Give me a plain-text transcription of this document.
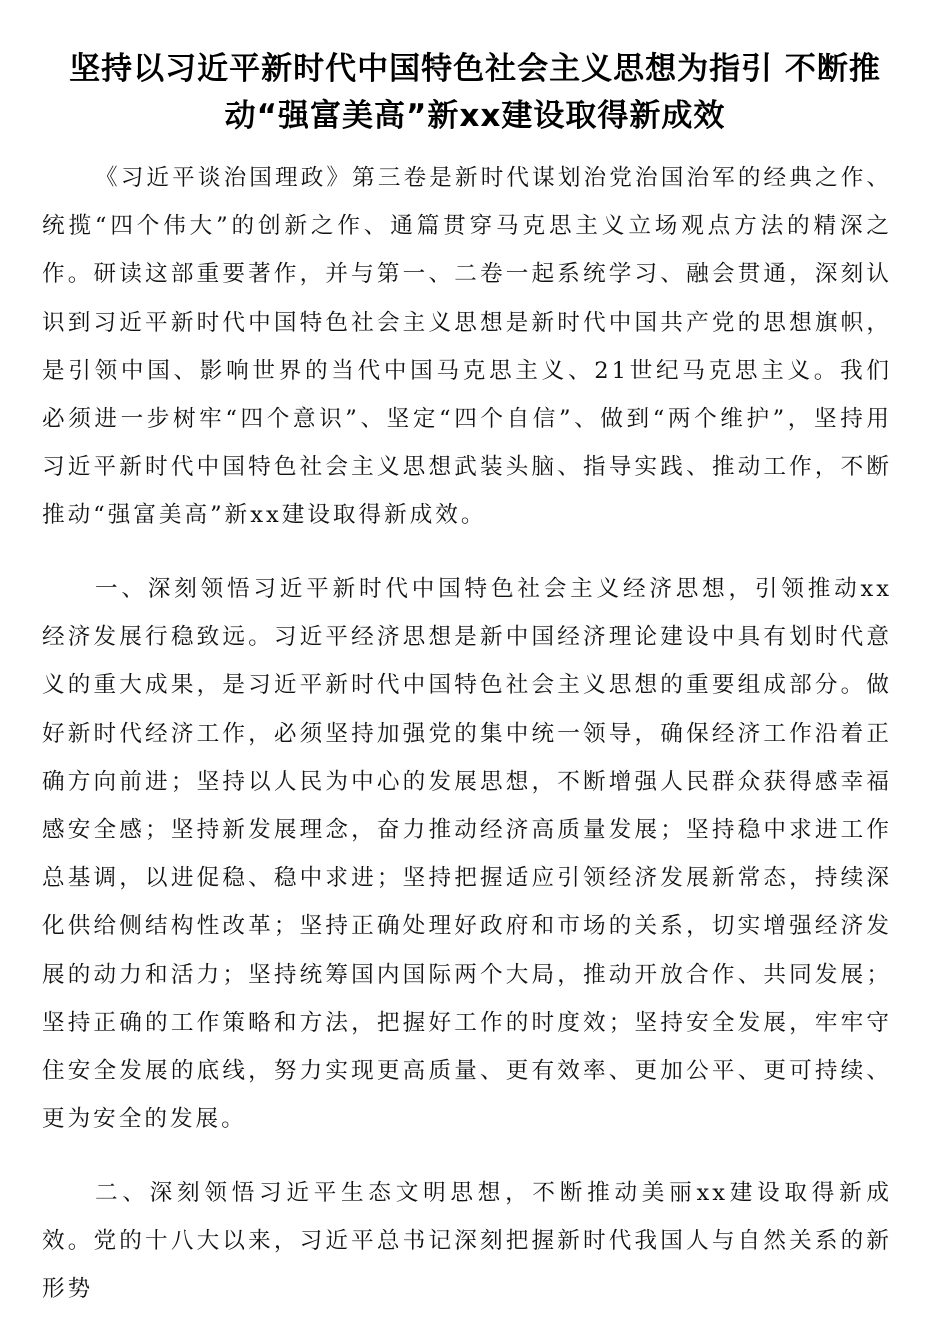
坚持以习近平新时代中国特色社会主义思想为指引 不断推动“强富美高”新xx建设取得新成效

《习近平谈治国理政》第三卷是新时代谋划治党治国治军的经典之作、统揽“四个伟大”的创新之作、通篇贯穿马克思主义立场观点方法的精深之作。研读这部重要著作，并与第一、二卷一起系统学习、融会贯通，深刻认识到习近平新时代中国特色社会主义思想是新时代中国共产党的思想旗帜，是引领中国、影响世界的当代中国马克思主义、21世纪马克思主义。我们必须进一步树牢“四个意识”、坚定“四个自信”、做到“两个维护”，坚持用习近平新时代中国特色社会主义思想武装头脑、指导实践、推动工作，不断推动“强富美高”新xx建设取得新成效。

一、深刻领悟习近平新时代中国特色社会主义经济思想，引领推动xx经济发展行稳致远。习近平经济思想是新中国经济理论建设中具有划时代意义的重大成果，是习近平新时代中国特色社会主义思想的重要组成部分。做好新时代经济工作，必须坚持加强党的集中统一领导，确保经济工作沿着正确方向前进；坚持以人民为中心的发展思想，不断增强人民群众获得感幸福感安全感；坚持新发展理念，奋力推动经济高质量发展；坚持稳中求进工作总基调，以进促稳、稳中求进；坚持把握适应引领经济发展新常态，持续深化供给侧结构性改革；坚持正确处理好政府和市场的关系，切实增强经济发展的动力和活力；坚持统筹国内国际两个大局，推动开放合作、共同发展；坚持正确的工作策略和方法，把握好工作的时度效；坚持安全发展，牢牢守住安全发展的底线，努力实现更高质量、更有效率、更加公平、更可持续、更为安全的发展。

二、深刻领悟习近平生态文明思想，不断推动美丽xx建设取得新成效。党的十八大以来，习近平总书记深刻把握新时代我国人与自然关系的新形势
